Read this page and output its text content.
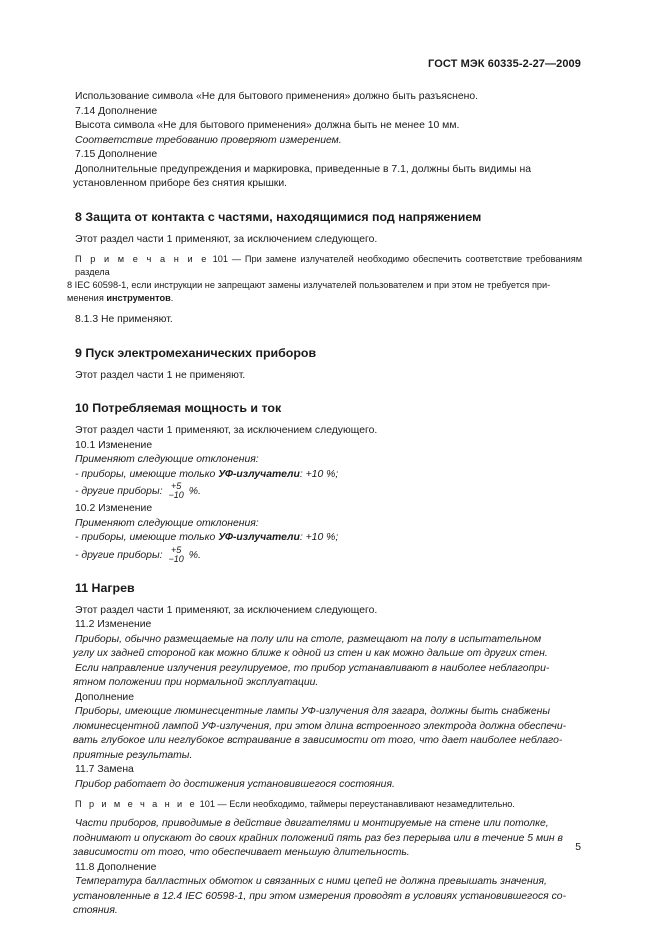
ГОСТ МЭК 60335-2-27—2009

Использование символа «Не для бытового применения» должно быть разъяснено.

7.14 Дополнение

Высота символа «Не для бытового применения» должна быть не менее 10 мм.

Соответствие требованию проверяют измерением.

7.15 Дополнение

Дополнительные предупреждения и маркировка, приведенные в 7.1, должны быть видимы на

установленном приборе без снятия крышки.

8 Защита от контакта с частями, находящимися под напряжением

Этот раздел части 1 применяют, за исключением следующего.

П р и м е ч а н и е 101 — При замене излучателей необходимо обеспечить соответствие требованиям раздела

8 IEC 60598-1, если инструкции не запрещают замены излучателей пользователем и при этом не требуется при-

менения инструментов.

8.1.3 Не применяют.

9 Пуск электромеханических приборов

Этот раздел части 1 не применяют.

10 Потребляемая мощность и ток

Этот раздел части 1 применяют, за исключением следующего.

10.1 Изменение

Применяют следующие отклонения:

- приборы, имеющие только УФ-излучатели: +10 %;

- другие приборы: +5
−10 %.

10.2 Изменение

Применяют следующие отклонения:

- приборы, имеющие только УФ-излучатели: +10 %;

- другие приборы: +5
−10 %.

11 Нагрев

Этот раздел части 1 применяют, за исключением следующего.

11.2 Изменение

Приборы, обычно размещаемые на полу или на столе, размещают на полу в испытательном

углу их задней стороной как можно ближе к одной из стен и как можно дальше от других стен.

Если направление излучения регулируемое, то прибор устанавливают в наиболее неблагопри-

ятном положении при нормальной эксплуатации.

Дополнение

Приборы, имеющие люминесцентные лампы УФ-излучения для загара, должны быть снабжены

люминесцентной лампой УФ-излучения, при этом длина встроенного электрода должна обеспечи-

вать глубокое или неглубокое встраивание в зависимости от того, что дает наиболее неблаго-

приятные результаты.

11.7 Замена

Прибор работает до достижения установившегося состояния.

П р и м е ч а н и е 101 — Если необходимо, таймеры переустанавливают незамедлительно.

Части приборов, приводимые в действие двигателями и монтируемые на стене или потолке,

поднимают и опускают до своих крайних положений пять раз без перерыва или в течение 5 мин в

зависимости от того, что обеспечивает меньшую длительность.

11.8 Дополнение

Температура балластных обмоток и связанных с ними цепей не должна превышать значения,

установленные в 12.4 IEC 60598-1, при этом измерения проводят в условиях установившегося со-

стояния.

5
